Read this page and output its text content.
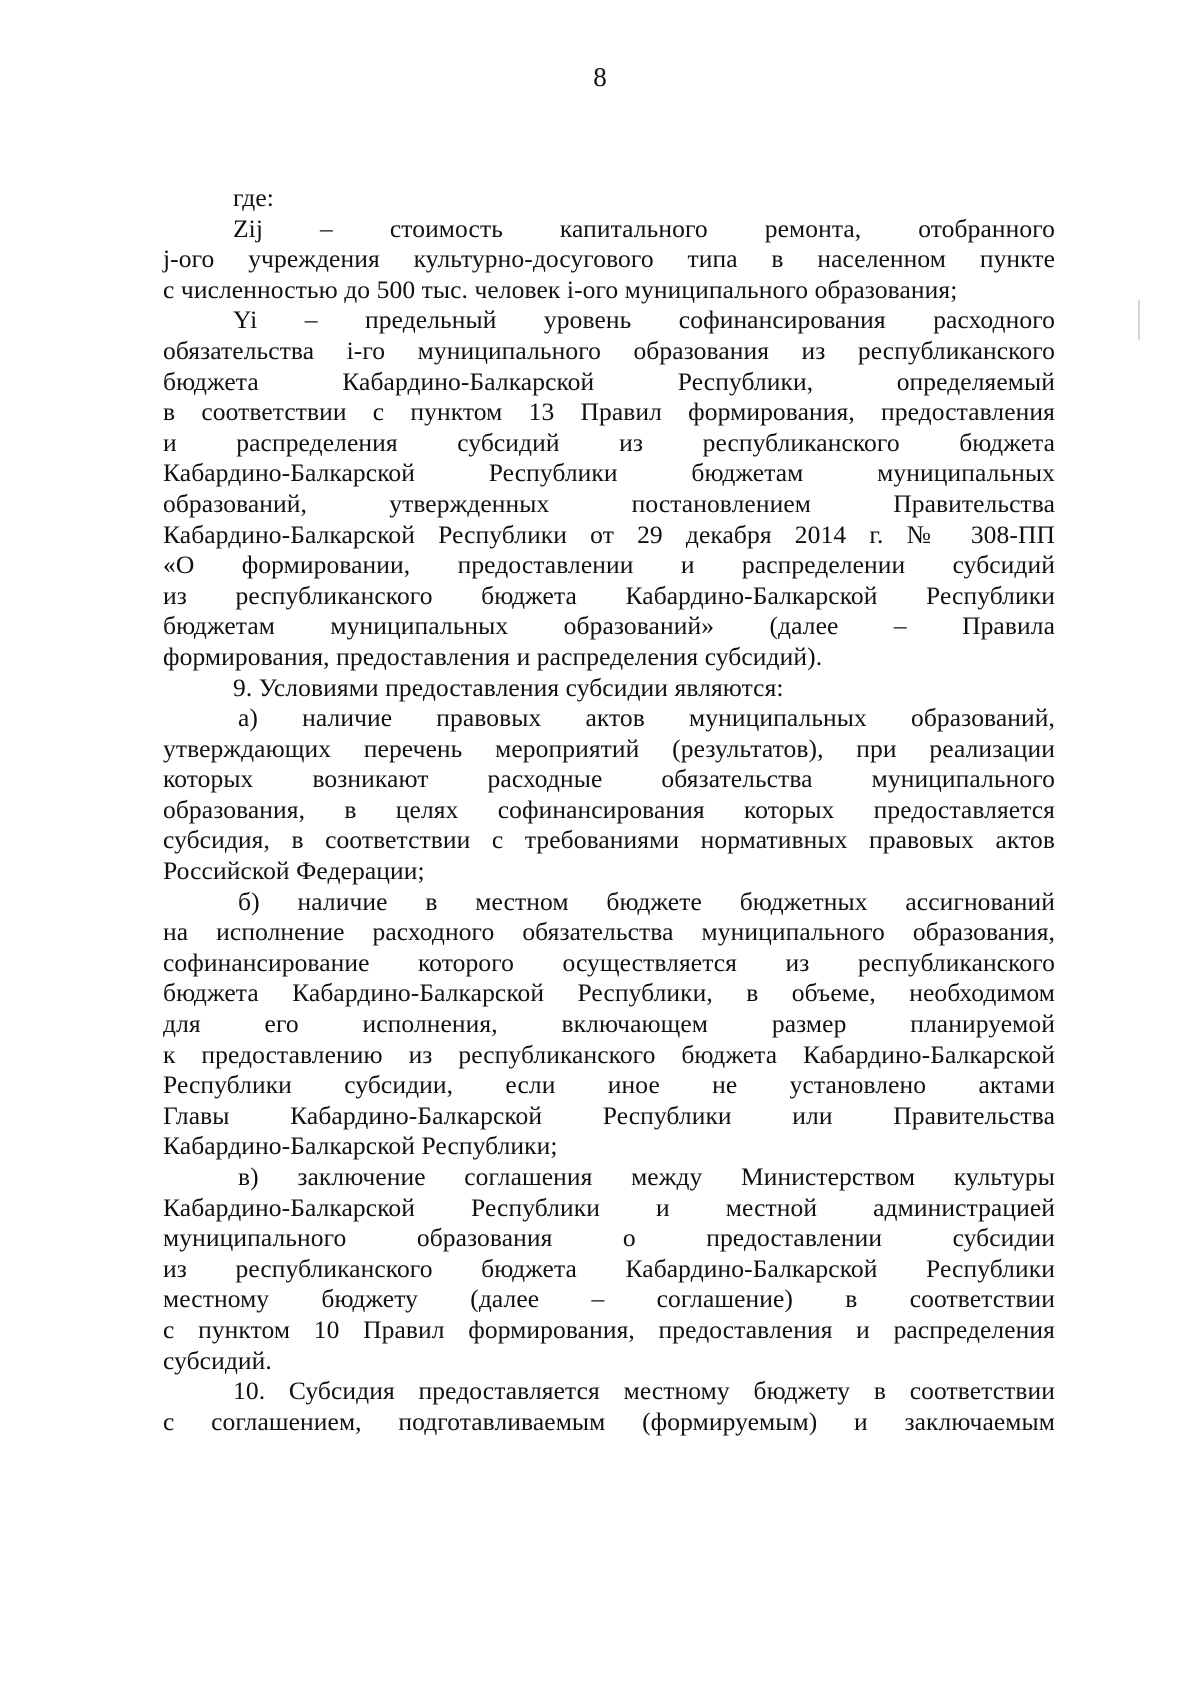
8
где:
Zij – стоимость капитального ремонта, отобранного
j-ого учреждения культурно-досугового типа в населенном пункте
с численностью до 500 тыс. человек i-ого муниципального образования;
Yi – предельный уровень софинансирования расходного
обязательства i-го муниципального образования из республиканского
бюджета Кабардино-Балкарской Республики, определяемый
в соответствии с пунктом 13 Правил формирования, предоставления
и распределения субсидий из республиканского бюджета
Кабардино-Балкарской Республики бюджетам муниципальных
образований, утвержденных постановлением Правительства
Кабардино-Балкарской Республики от 29 декабря 2014 г. № 308-ПП
«О формировании, предоставлении и распределении субсидий
из республиканского бюджета Кабардино-Балкарской Республики
бюджетам муниципальных образований» (далее – Правила
формирования, предоставления и распределения субсидий).
9. Условиями предоставления субсидии являются:
а) наличие правовых актов муниципальных образований,
утверждающих перечень мероприятий (результатов), при реализации
которых возникают расходные обязательства муниципального
образования, в целях софинансирования которых предоставляется
субсидия, в соответствии с требованиями нормативных правовых актов
Российской Федерации;
б) наличие в местном бюджете бюджетных ассигнований
на исполнение расходного обязательства муниципального образования,
софинансирование которого осуществляется из республиканского
бюджета Кабардино-Балкарской Республики, в объеме, необходимом
для его исполнения, включающем размер планируемой
к предоставлению из республиканского бюджета Кабардино-Балкарской
Республики субсидии, если иное не установлено актами
Главы Кабардино-Балкарской Республики или Правительства
Кабардино-Балкарской Республики;
в) заключение соглашения между Министерством культуры
Кабардино-Балкарской Республики и местной администрацией
муниципального образования о предоставлении субсидии
из республиканского бюджета Кабардино-Балкарской Республики
местному бюджету (далее – соглашение) в соответствии
с пунктом 10 Правил формирования, предоставления и распределения
субсидий.
10. Субсидия предоставляется местному бюджету в соответствии
с соглашением, подготавливаемым (формируемым) и заключаемым
